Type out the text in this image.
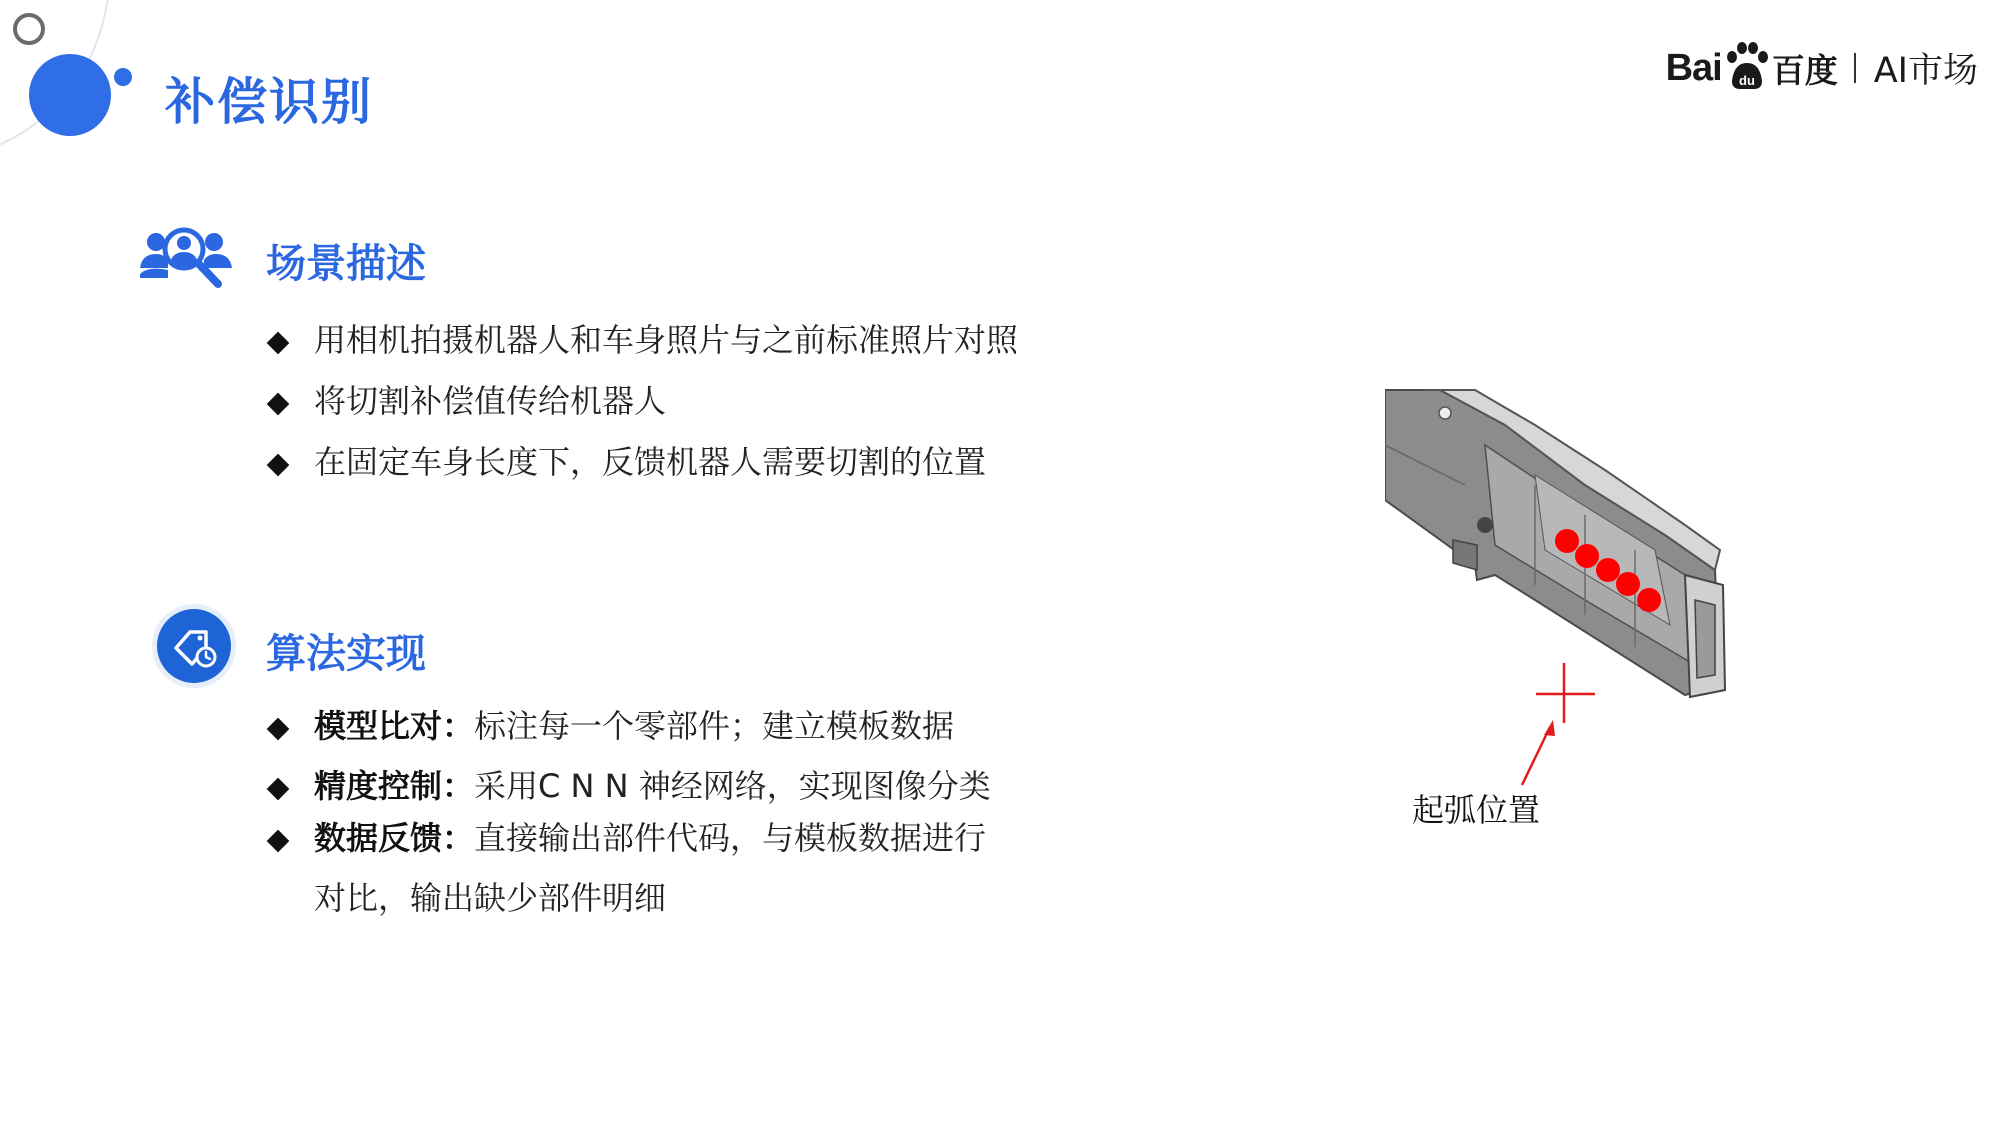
补偿识别
Bai du 百度 AI市场
场景描述
用相机拍摄机器人和车身照片与之前标准照片对照
将切割补偿值传给机器人
在固定车身长度下，反馈机器人需要切割的位置
算法实现
模型比对：标注每一个零部件；建立模板数据
精度控制：采用C N N 神经网络，实现图像分类
数据反馈：直接输出部件代码，与模板数据进行
对比，输出缺少部件明细
起弧位置
